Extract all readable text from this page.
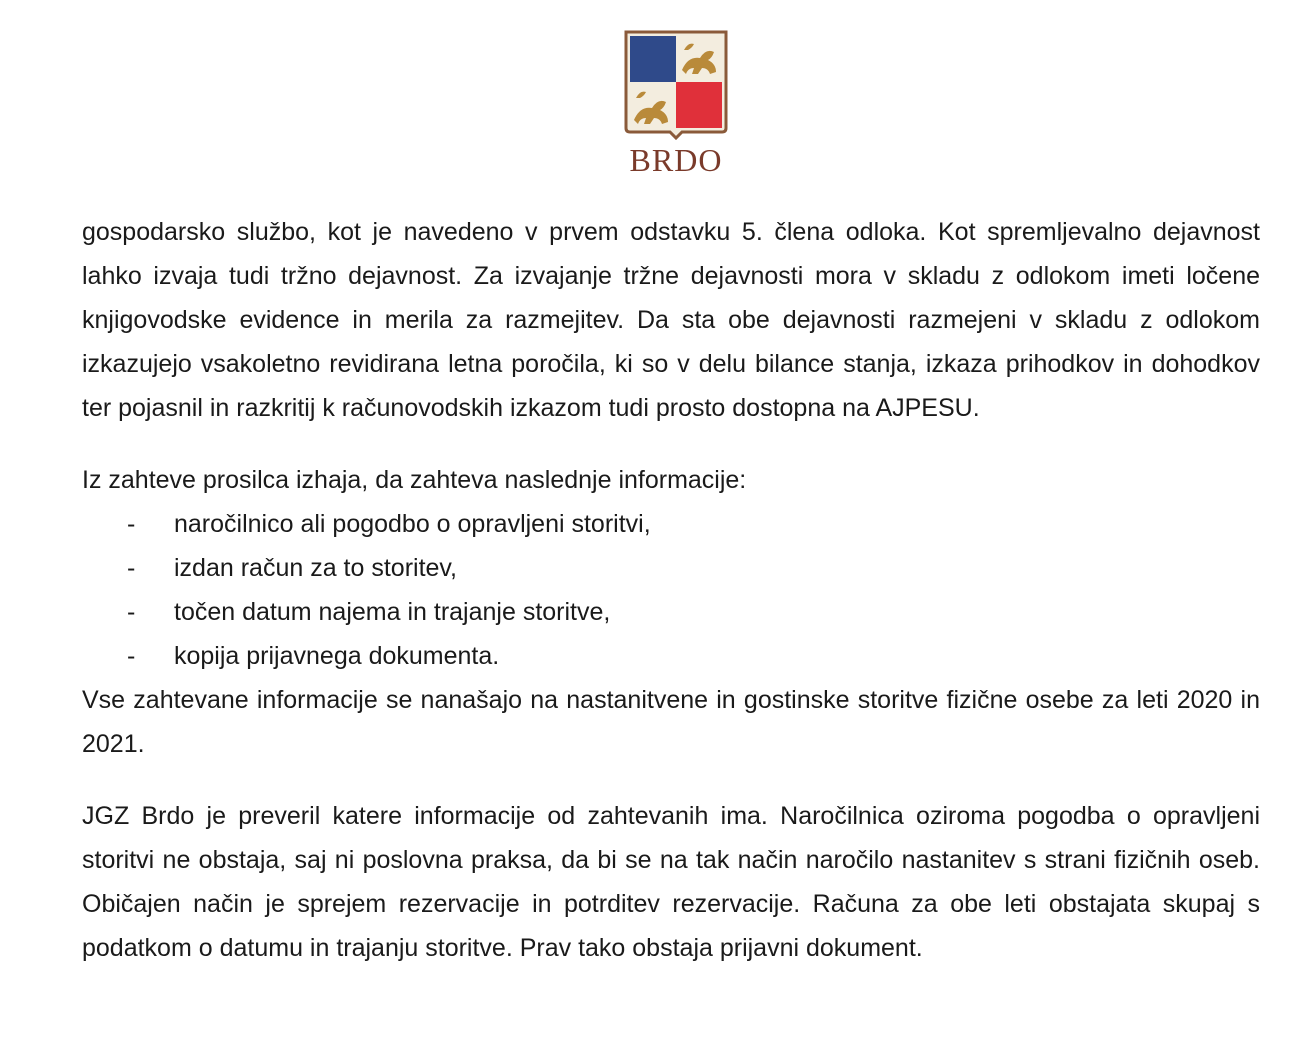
BRDO

gospodarsko službo, kot je navedeno v prvem odstavku 5. člena odloka. Kot spremljevalno dejavnost lahko izvaja tudi tržno dejavnost. Za izvajanje tržne dejavnosti mora v skladu z odlokom imeti ločene knjigovodske evidence in merila za razmejitev. Da sta obe dejavnosti razmejeni v skladu z odlokom izkazujejo vsakoletno revidirana letna poročila, ki so v delu bilance stanja, izkaza prihodkov in dohodkov ter pojasnil in razkritij k računovodskih izkazom tudi prosto dostopna na AJPESU.

Iz zahteve prosilca izhaja, da zahteva naslednje informacije:

- naročilnico ali pogodbo o opravljeni storitvi,
- izdan račun za to storitev,
- točen datum najema in trajanje storitve,
- kopija prijavnega dokumenta.

Vse zahtevane informacije se nanašajo na nastanitvene in gostinske storitve fizične osebe za leti 2020 in 2021.

JGZ Brdo je preveril katere informacije od zahtevanih ima. Naročilnica oziroma pogodba o opravljeni storitvi ne obstaja, saj ni poslovna praksa, da bi se na tak način naročilo nastanitev s strani fizičnih oseb. Običajen način je sprejem rezervacije in potrditev rezervacije. Računa za obe leti obstajata skupaj s podatkom o datumu in trajanju storitve. Prav tako obstaja prijavni dokument.
